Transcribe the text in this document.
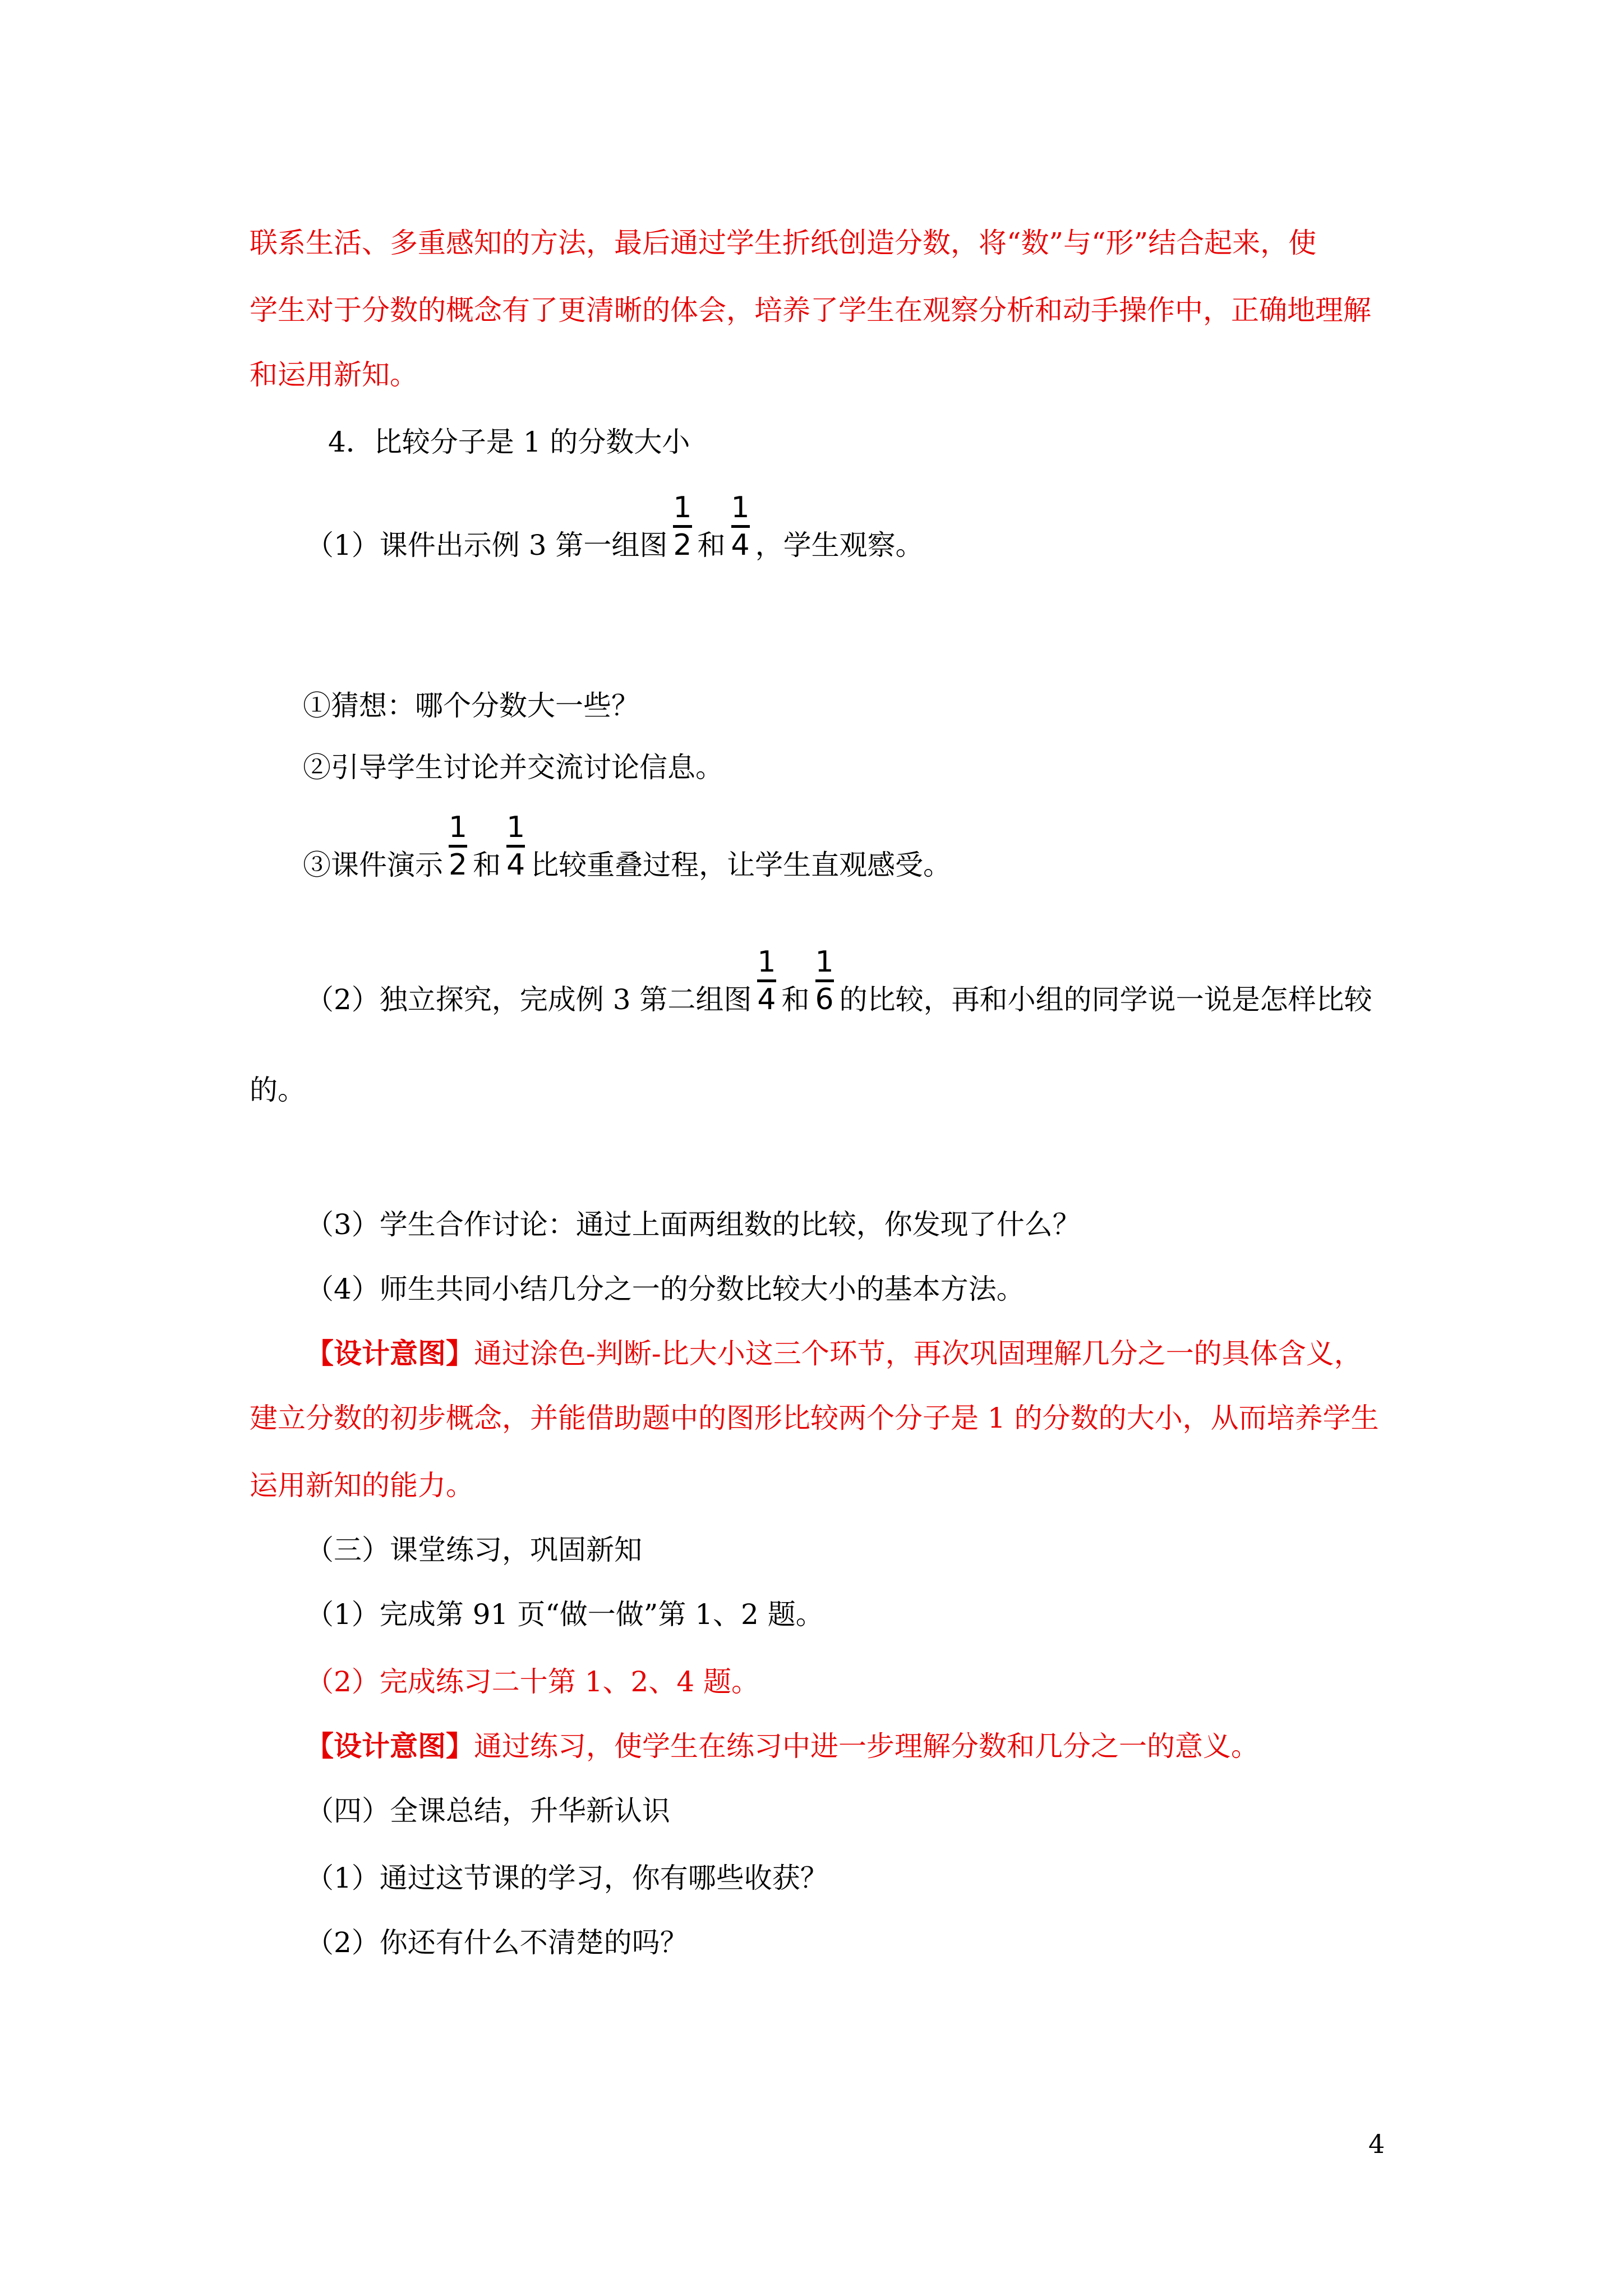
联系生活、多重感知的方法，最后通过学生折纸创造分数，将“数”与“形”结合起来，使
学生对于分数的概念有了更清晰的体会，培养了学生在观察分析和动手操作中，正确地理解
和运用新知。
4．比较分子是 1 的分数大小
（1）课件出示例 3 第一组图
1
2 和
1
4 ，学生观察。
①猜想：哪个分数大一些？
②引导学生讨论并交流讨论信息。
③课件演示
1
2 和
1
4 比较重叠过程，让学生直观感受。
（2）独立探究，完成例 3 第二组图
1
4 和
1
6 的比较，再和小组的同学说一说是怎样比较
的。
（3）学生合作讨论：通过上面两组数的比较，你发现了什么？
（4）师生共同小结几分之一的分数比较大小的基本方法。
【设计意图】通过涂色-判断-比大小这三个环节，再次巩固理解几分之一的具体含义，
建立分数的初步概念，并能借助题中的图形比较两个分子是 1 的分数的大小，从而培养学生
运用新知的能力。
（三）课堂练习，巩固新知
（1）完成第 91 页“做一做”第 1、2 题。
（2）完成练习二十第 1、2、4 题。
【设计意图】通过练习，使学生在练习中进一步理解分数和几分之一的意义。
（四）全课总结，升华新认识
（1）通过这节课的学习，你有哪些收获？
（2）你还有什么不清楚的吗？
4
